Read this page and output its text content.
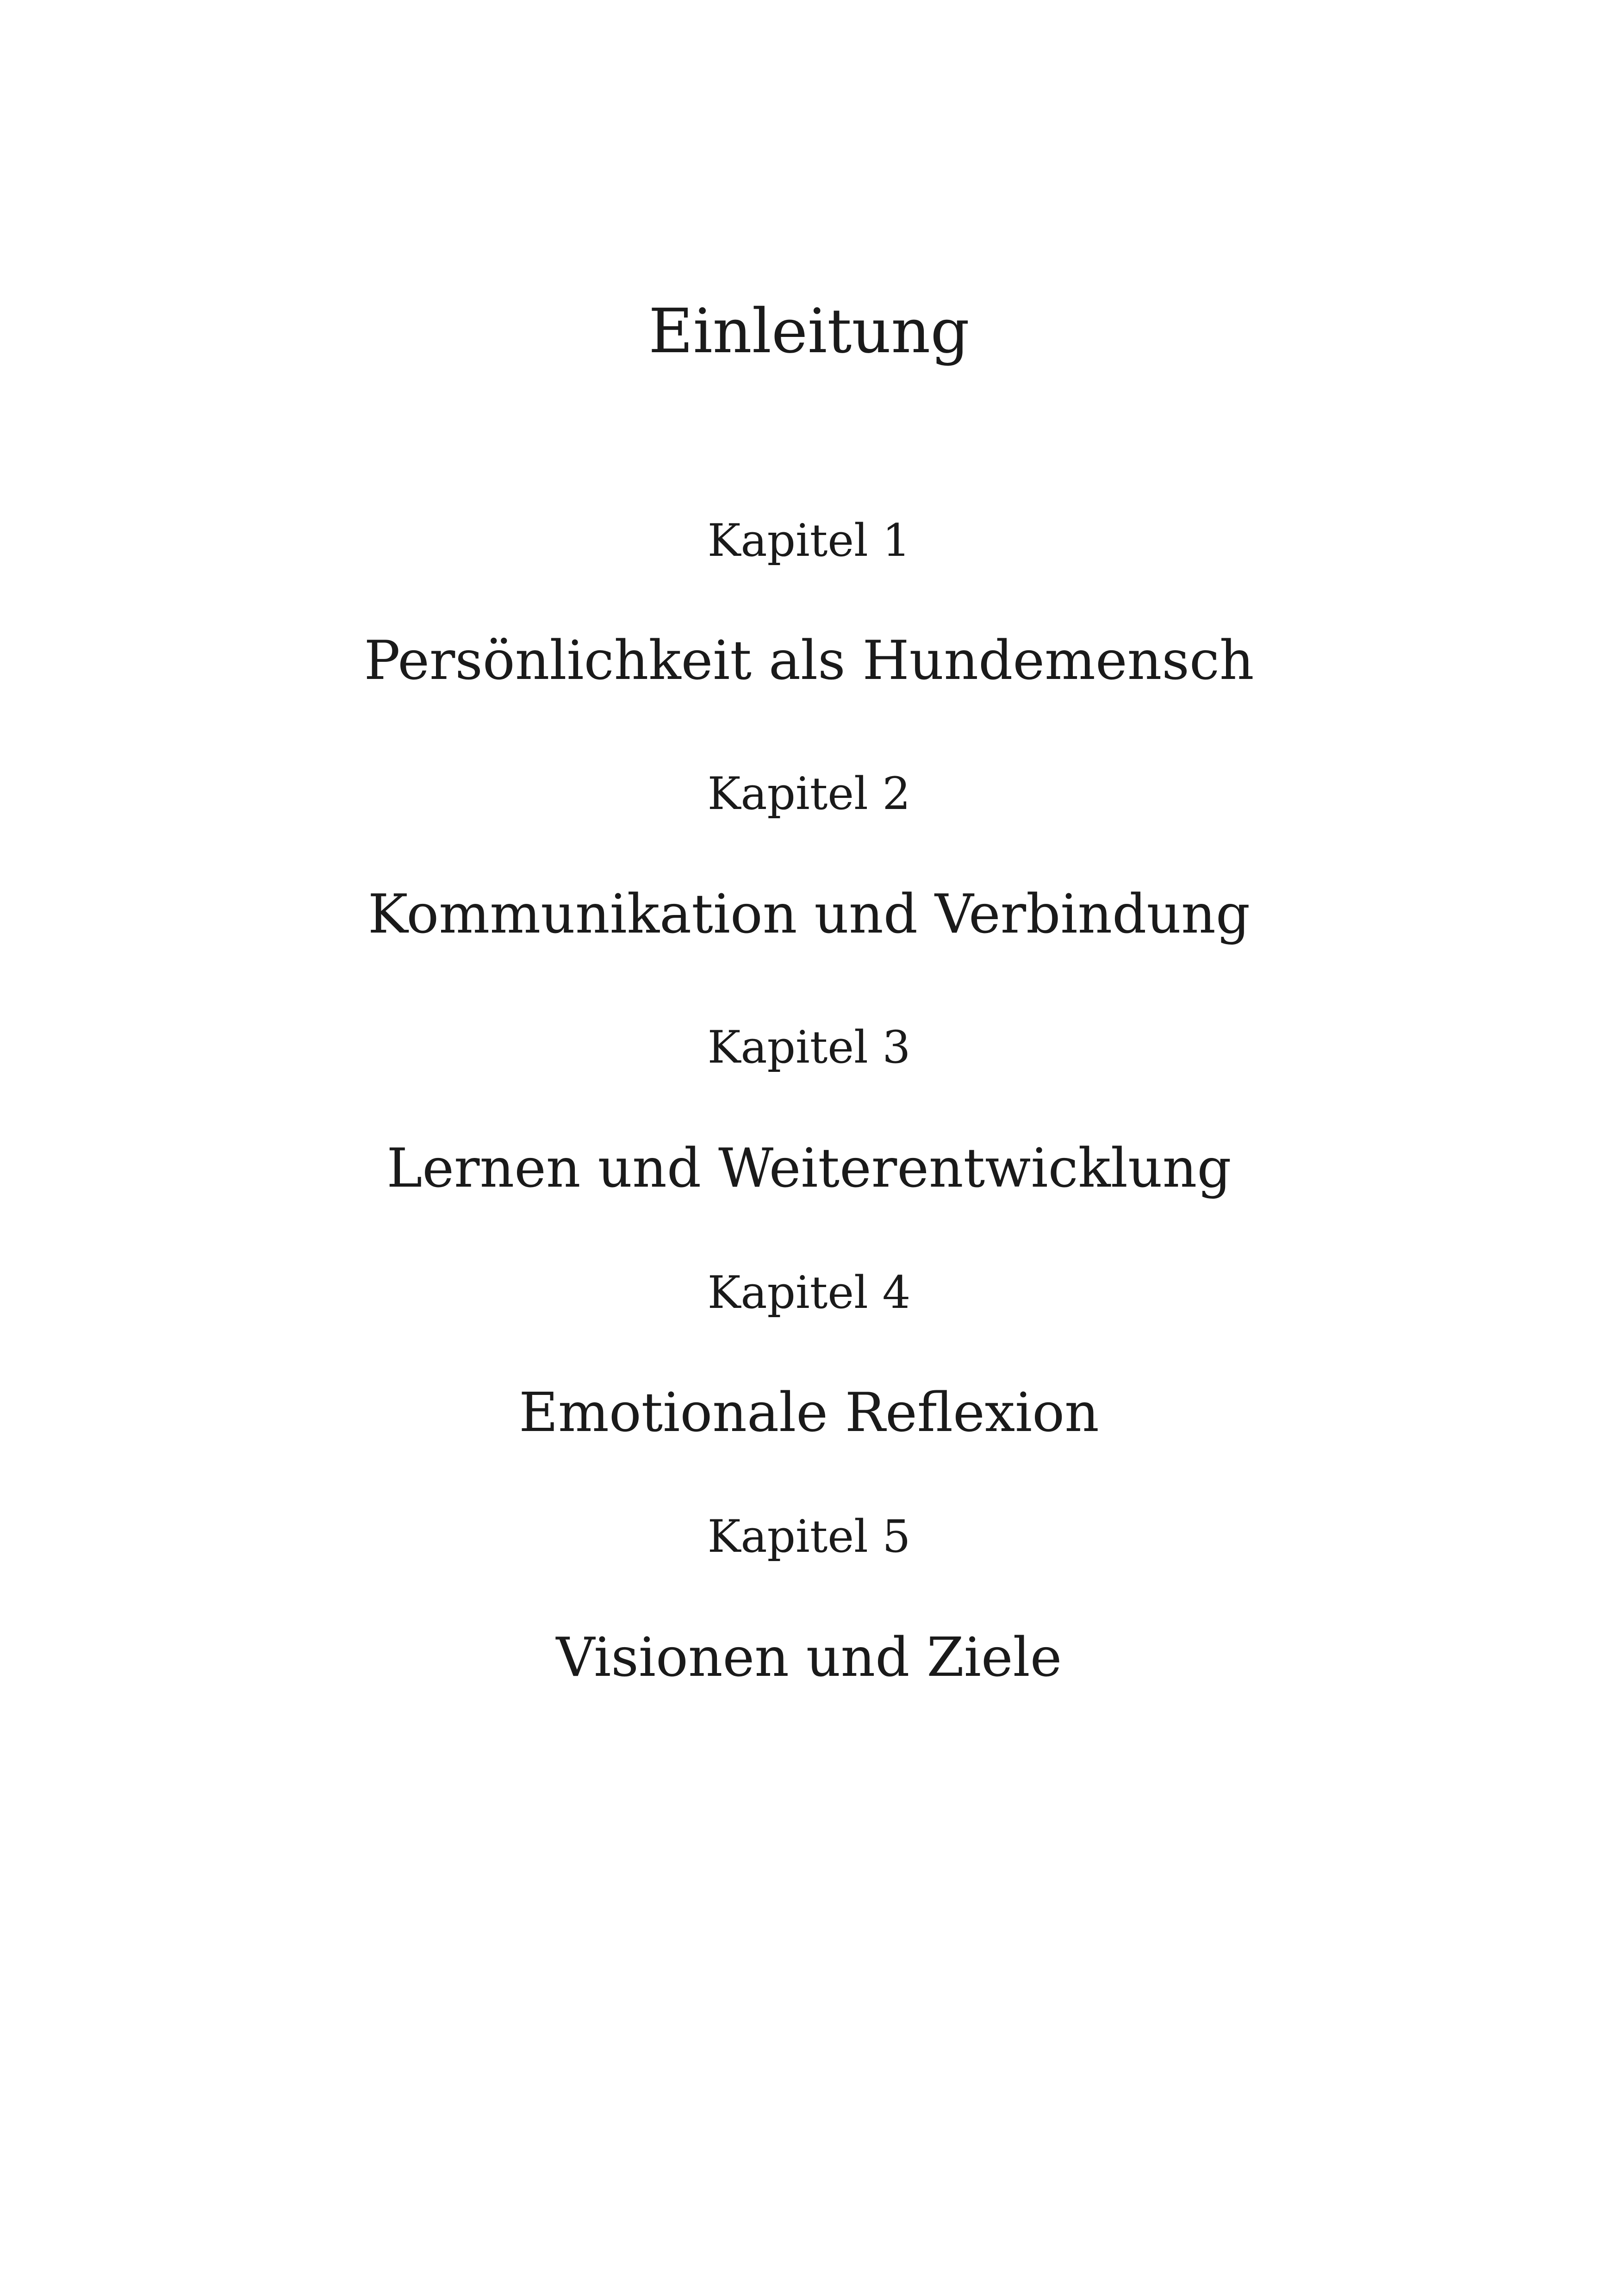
Einleitung
Kapitel 1
Persönlichkeit als Hundemensch
Kapitel 2
Kommunikation und Verbindung
Kapitel 3
Lernen und Weiterentwicklung
Kapitel 4
Emotionale Reflexion
Kapitel 5
Visionen und Ziele
